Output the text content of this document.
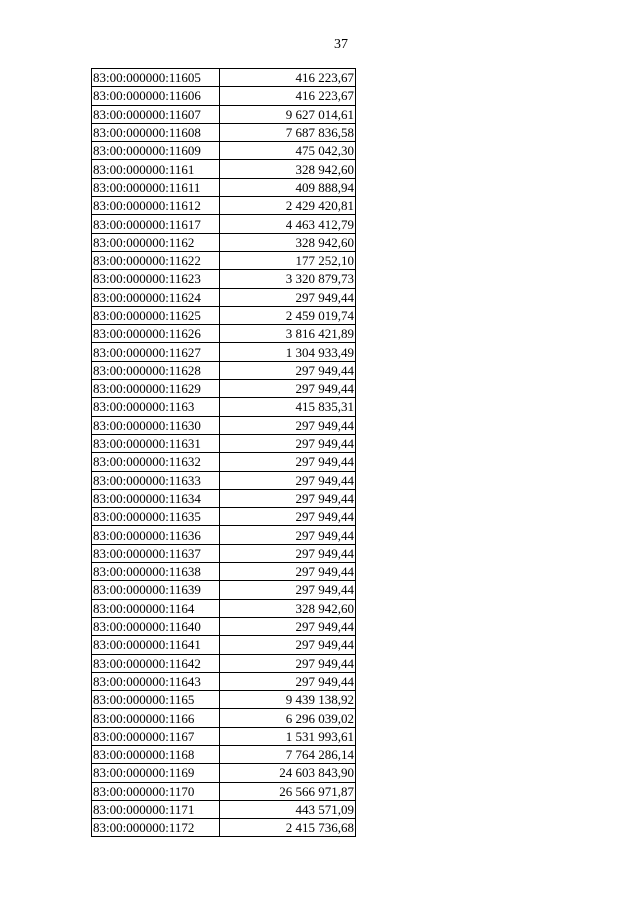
37
83:00:000000:11605	416 223,67
83:00:000000:11606	416 223,67
83:00:000000:11607	9 627 014,61
83:00:000000:11608	7 687 836,58
83:00:000000:11609	475 042,30
83:00:000000:1161	328 942,60
83:00:000000:11611	409 888,94
83:00:000000:11612	2 429 420,81
83:00:000000:11617	4 463 412,79
83:00:000000:1162	328 942,60
83:00:000000:11622	177 252,10
83:00:000000:11623	3 320 879,73
83:00:000000:11624	297 949,44
83:00:000000:11625	2 459 019,74
83:00:000000:11626	3 816 421,89
83:00:000000:11627	1 304 933,49
83:00:000000:11628	297 949,44
83:00:000000:11629	297 949,44
83:00:000000:1163	415 835,31
83:00:000000:11630	297 949,44
83:00:000000:11631	297 949,44
83:00:000000:11632	297 949,44
83:00:000000:11633	297 949,44
83:00:000000:11634	297 949,44
83:00:000000:11635	297 949,44
83:00:000000:11636	297 949,44
83:00:000000:11637	297 949,44
83:00:000000:11638	297 949,44
83:00:000000:11639	297 949,44
83:00:000000:1164	328 942,60
83:00:000000:11640	297 949,44
83:00:000000:11641	297 949,44
83:00:000000:11642	297 949,44
83:00:000000:11643	297 949,44
83:00:000000:1165	9 439 138,92
83:00:000000:1166	6 296 039,02
83:00:000000:1167	1 531 993,61
83:00:000000:1168	7 764 286,14
83:00:000000:1169	24 603 843,90
83:00:000000:1170	26 566 971,87
83:00:000000:1171	443 571,09
83:00:000000:1172	2 415 736,68
